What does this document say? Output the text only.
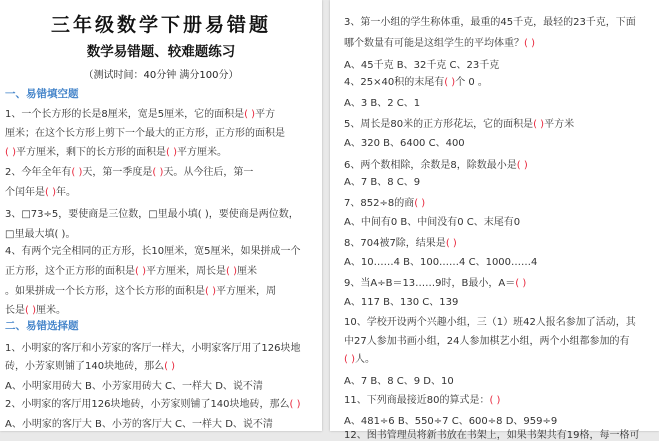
三年级数学下册易错题
数学易错题、较难题练习
（测试时间：40分钟 满分100分）
一、易错填空题
二、易错选择题
1、一个长方形的长是8厘米，宽是5厘米，它的面积是( )平方
厘米；在这个长方形上剪下一个最大的正方形，正方形的面积是
( )平方厘米，剩下的长方形的面积是( )平方厘米。
2、今年全年有( )天，第一季度是( )天。从今往后，第一
个闰年是( )年。
3、□73÷5，要使商是三位数，□里最小填( )，要使商是两位数，
□里最大填( )。
4、有两个完全相同的正方形，长10厘米，宽5厘米，如果拼成一个
正方形，这个正方形的面积是( )平方厘米，周长是( )厘米
。如果拼成一个长方形，这个长方形的面积是( )平方厘米，周
长是( )厘米。
1、小明家的客厅和小芳家的客厅一样大，小明家客厅用了126块地
砖，小芳家则铺了140块地砖，那么( )
A、小明家用砖大 B、小芳家用砖大 C、一样大 D、说不清
2、小明家的客厅用126块地砖，小芳家则铺了140块地砖，那么( )
A、小明家的客厅大 B、小芳的客厅大 C、一样大 D、说不清
3、第一小组的学生称体重，最重的45千克，最轻的23千克，下面
哪个数量有可能是这组学生的平均体重？( )
A、45千克 B、32千克 C、23千克
4、25×40积的末尾有( )个 0 。
A、3 B、2 C、1
5、周长是80米的正方形花坛，它的面积是( )平方米
A、320 B、6400 C、400
6、两个数相除，余数是8，除数最小是( )
A、7 B、8 C、9
7、852÷8的商( )
A、中间有0 B、中间没有0 C、末尾有0
8、704被7除，结果是( )
A、10……4 B、100……4 C、1000……4
9、当A÷B＝13……9时，B最小，A＝( )
A、117 B、130 C、139
10、学校开设两个兴趣小组，三（1）班42人报名参加了活动，其
中27人参加书画小组，24人参加棋艺小组，两个小组都参加的有
( )人。
A、7 B、8 C、9 D、10
11、下列商最接近80的算式是：( )
A、481÷6 B、550÷7 C、600÷8 D、959÷9
12、图书管理员将新书放在书架上，如果书架共有19格，每一格可
